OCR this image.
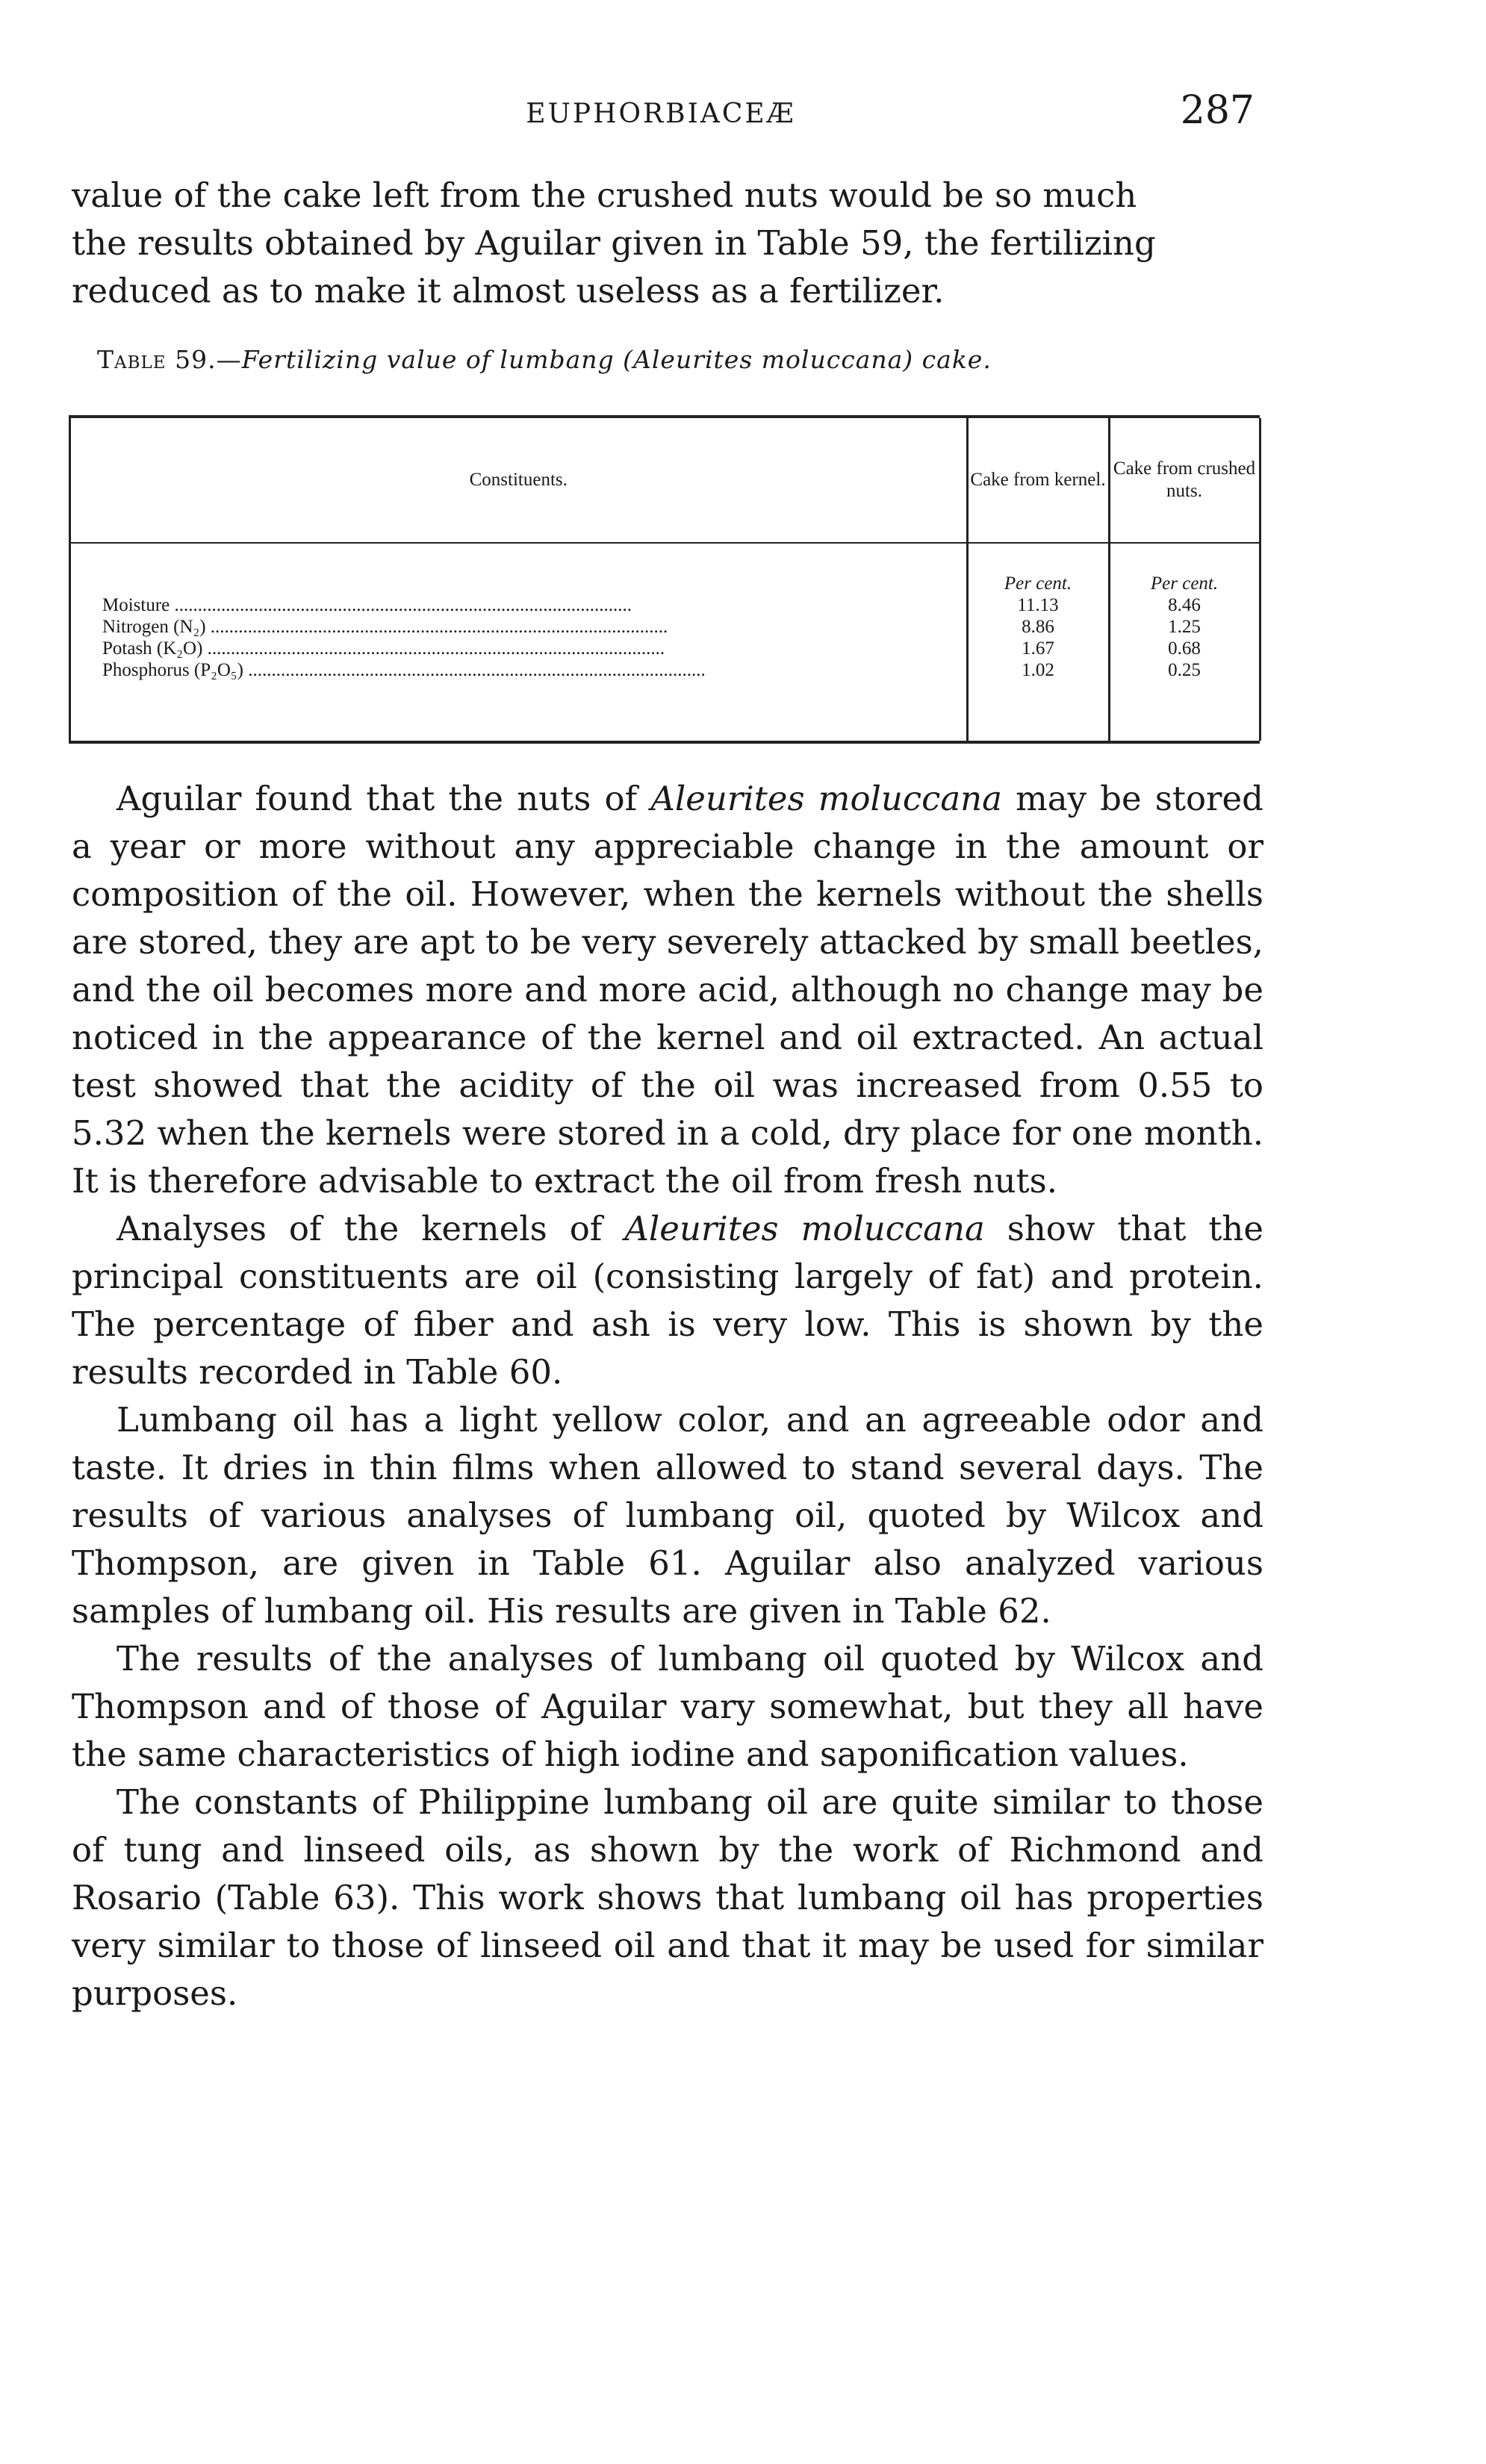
EUPHORBIACEÆ	287

value of the cake left from the crushed nuts would be so much
the results obtained by Aguilar given in Table 59, the fertilizing
reduced as to make it almost useless as a fertilizer.

Table 59.—Fertilizing value of lumbang (Aleurites moluccana) cake.
Constituents.	Cake from kernel.	Cake from crushed nuts.
	Per cent.	Per cent.
Moisture ..................................................................................................	11.13	8.46
Nitrogen (N₂) ..................................................................................................	8.86	1.25
Potash (K₂O) ..................................................................................................	1.67	0.68
Phosphorus (P₂O₅) ..................................................................................................	1.02	0.25

Aguilar found that the nuts of Aleurites moluccana may be stored a year or more without any appreciable change in the amount or composition of the oil. However, when the kernels without the shells are stored, they are apt to be very severely attacked by small beetles, and the oil becomes more and more acid, although no change may be noticed in the appearance of the kernel and oil extracted. An actual test showed that the acidity of the oil was increased from 0.55 to 5.32 when the kernels were stored in a cold, dry place for one month. It is therefore advisable to extract the oil from fresh nuts.

Analyses of the kernels of Aleurites moluccana show that the principal constituents are oil (consisting largely of fat) and protein. The percentage of fiber and ash is very low. This is shown by the results recorded in Table 60.

Lumbang oil has a light yellow color, and an agreeable odor and taste. It dries in thin films when allowed to stand several days. The results of various analyses of lumbang oil, quoted by Wilcox and Thompson, are given in Table 61. Aguilar also analyzed various samples of lumbang oil. His results are given in Table 62.

The results of the analyses of lumbang oil quoted by Wilcox and Thompson and of those of Aguilar vary somewhat, but they all have the same characteristics of high iodine and saponification values.

The constants of Philippine lumbang oil are quite similar to those of tung and linseed oils, as shown by the work of Richmond and Rosario (Table 63). This work shows that lumbang oil has properties very similar to those of linseed oil and that it may be used for similar purposes.
